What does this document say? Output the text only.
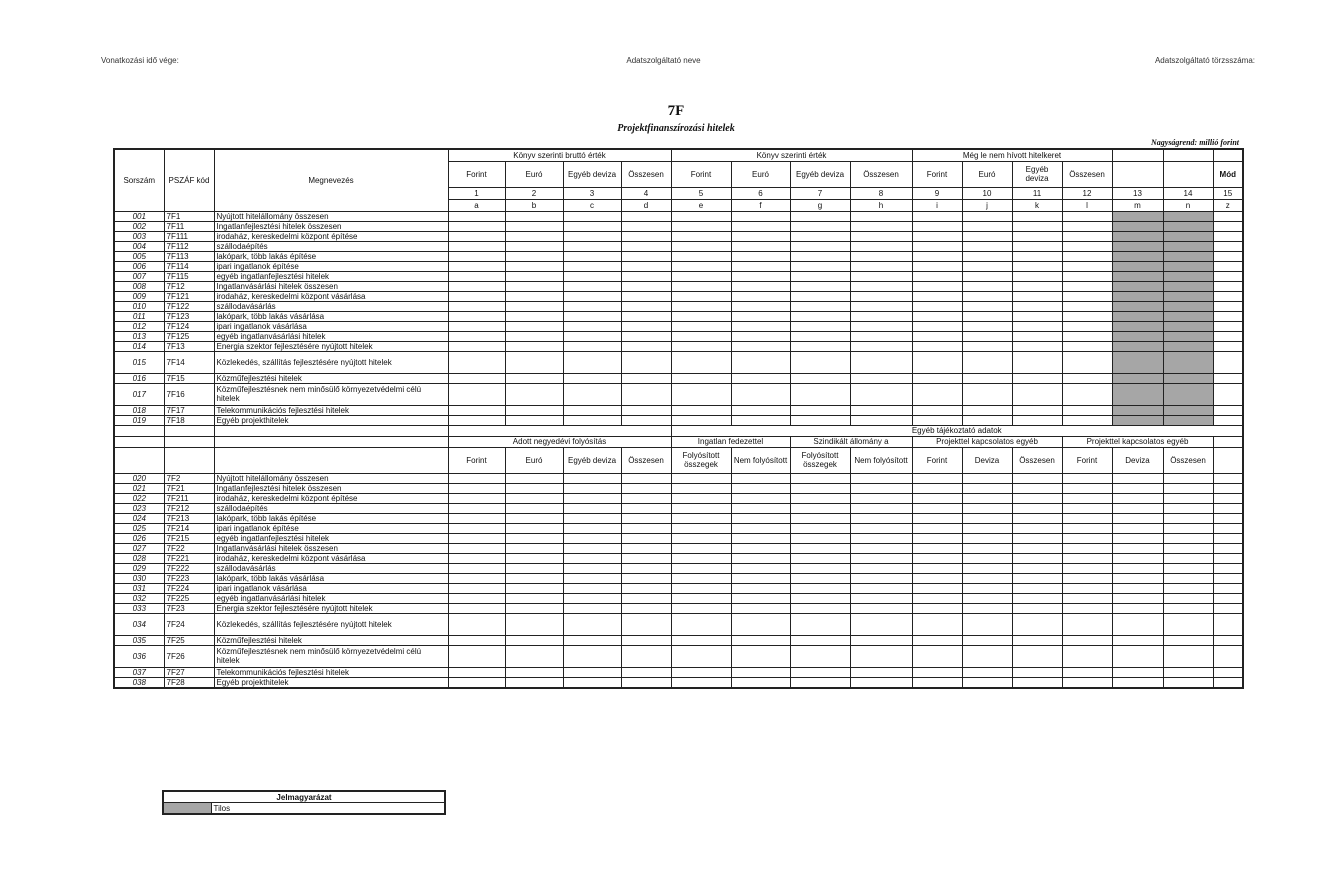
Vonatkozási idő vége:	Adatszolgáltató neve	Adatszolgáltató törzsszáma:
7F
Projektfinanszírozási hitelek
Nagyságrend: millió forint
Sorszám	PSZÁF kód	Megnevezés	Könyv szerinti bruttó érték				Könyv szerinti érték				Még le nem hívott hitelkeret						
			Forint	Euró	Egyéb deviza	Összesen	Forint	Euró	Egyéb deviza	Összesen	Forint	Euró	Egyéb deviza	Összesen			Mód
			1	2	3	4	5	6	7	8	9	10	11	12	13	14	15
			a	b	c	d	e	f	g	h	i	j	k	l	m	n	z
001	7F1	Nyújtott hitelállomány összesen															
002	7F11	Ingatlanfejlesztési hitelek összesen															
003	7F111	irodaház, kereskedelmi központ építése															
004	7F112	szállodaépítés															
005	7F113	lakópark, több lakás építése															
006	7F114	ipari ingatlanok építése															
007	7F115	egyéb ingatlanfejlesztési hitelek															
008	7F12	Ingatlanvásárlási hitelek összesen															
009	7F121	irodaház, kereskedelmi központ vásárlása															
010	7F122	szállodavásárlás															
011	7F123	lakópark, több lakás vásárlása															
012	7F124	ipari ingatlanok vásárlása															
013	7F125	egyéb ingatlanvásárlási hitelek															
014	7F13	Energia szektor fejlesztésére nyújtott hitelek															
015	7F14	Közlekedés, szállítás fejlesztésére nyújtott hitelek															
016	7F15	Közműfejlesztési hitelek															
017	7F16	Közműfejlesztésnek nem minősülő környezetvédelmi célú hitelek															
018	7F17	Telekommunikációs fejlesztési hitelek															
019	7F18	Egyéb projekthitelek															
							Egyéb tájékoztató adatok										
			Adott negyedévi folyósítás				Ingatlan fedezettel		Szindikált állomány a		Projekttel kapcsolatos egyéb			Projekttel kapcsolatos egyéb			
			Forint	Euró	Egyéb deviza	Összesen	Folyósított összegek	Nem folyósított	Folyósított összegek	Nem folyósított	Forint	Deviza	Összesen	Forint	Deviza	Összesen	
020	7F2	Nyújtott hitelállomány összesen															
021	7F21	Ingatlanfejlesztési hitelek összesen															
022	7F211	irodaház, kereskedelmi központ építése															
023	7F212	szállodaépítés															
024	7F213	lakópark, több lakás építése															
025	7F214	ipari ingatlanok építése															
026	7F215	egyéb ingatlanfejlesztési hitelek															
027	7F22	Ingatlanvásárlási hitelek összesen															
028	7F221	irodaház, kereskedelmi központ vásárlása															
029	7F222	szállodavásárlás															
030	7F223	lakópark, több lakás vásárlása															
031	7F224	ipari ingatlanok vásárlása															
032	7F225	egyéb ingatlanvásárlási hitelek															
033	7F23	Energia szektor fejlesztésére nyújtott hitelek															
034	7F24	Közlekedés, szállítás fejlesztésére nyújtott hitelek															
035	7F25	Közműfejlesztési hitelek															
036	7F26	Közműfejlesztésnek nem minősülő környezetvédelmi célú hitelek															
037	7F27	Telekommunikációs fejlesztési hitelek															
038	7F28	Egyéb projekthitelek															
Jelmagyarázat
	Tilos
